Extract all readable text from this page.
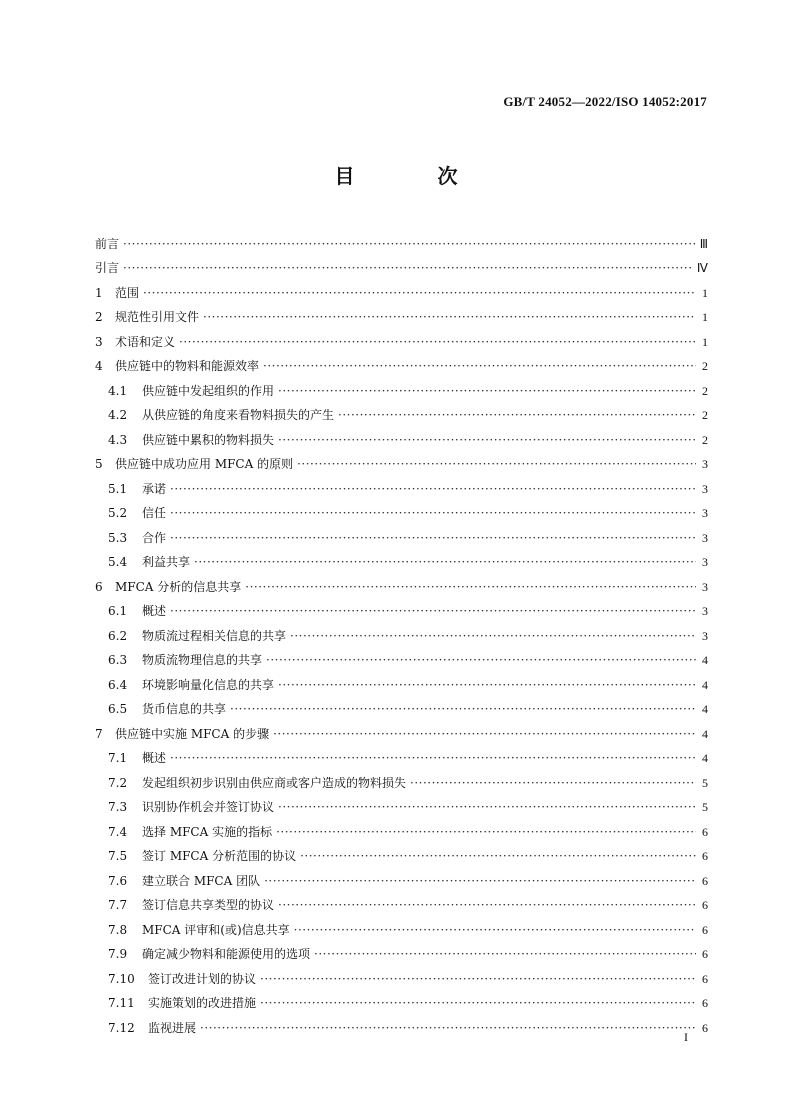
GB/T 24052—2022/ISO 14052:2017
目 次
前言 ·····	Ⅲ
引言 ·····	Ⅳ
1	范围 ·····	1
2	规范性引用文件 ·····	1
3	术语和定义 ·····	1
4	供应链中的物料和能源效率 ·····	2
4.1	供应链中发起组织的作用 ·····	2
4.2	从供应链的角度来看物料损失的产生 ·····	2
4.3	供应链中累积的物料损失 ·····	2
5	供应链中成功应用 MFCA 的原则 ·····	3
5.1	承诺 ·····	3
5.2	信任 ·····	3
5.3	合作 ·····	3
5.4	利益共享 ·····	3
6	MFCA 分析的信息共享 ·····	3
6.1	概述 ·····	3
6.2	物质流过程相关信息的共享 ·····	3
6.3	物质流物理信息的共享 ·····	4
6.4	环境影响量化信息的共享 ·····	4
6.5	货币信息的共享 ·····	4
7	供应链中实施 MFCA 的步骤 ·····	4
7.1	概述 ·····	4
7.2	发起组织初步识别由供应商或客户造成的物料损失 ·····	5
7.3	识别协作机会并签订协议 ·····	5
7.4	选择 MFCA 实施的指标 ·····	6
7.5	签订 MFCA 分析范围的协议 ·····	6
7.6	建立联合 MFCA 团队 ·····	6
7.7	签订信息共享类型的协议 ·····	6
7.8	MFCA 评审和(或)信息共享 ·····	6
7.9	确定减少物料和能源使用的选项 ·····	6
7.10	签订改进计划的协议 ·····	6
7.11	实施策划的改进措施 ·····	6
7.12	监视进展 ·····	6
I
